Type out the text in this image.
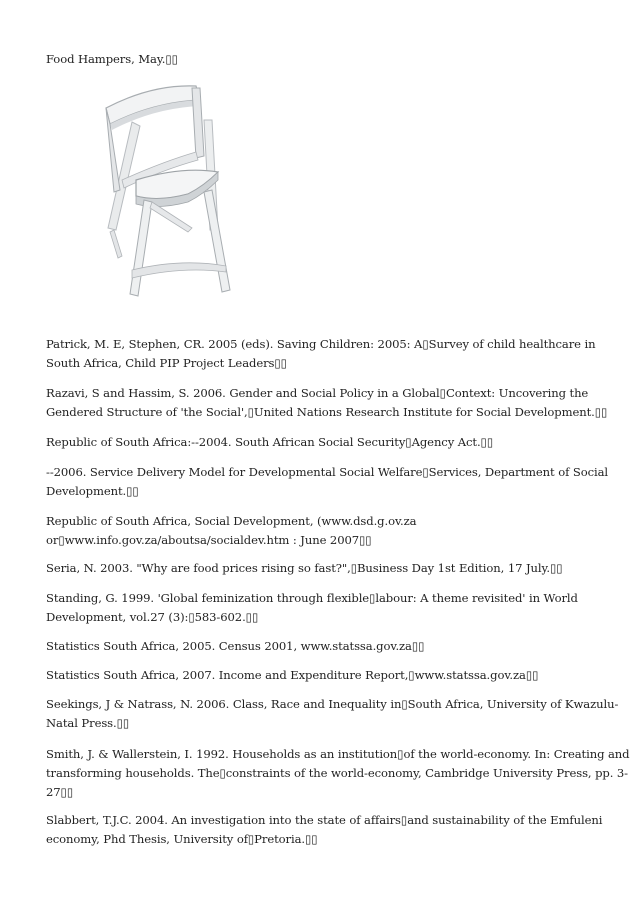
Food Hampers, May.▯▯
Patrick, M. E, Stephen, CR. 2005 (eds). Saving Children: 2005: A▯Survey of child healthcare in
South Africa, Child PIP Project Leaders▯▯
Razavi, S and Hassim, S. 2006. Gender and Social Policy in a Global▯Context: Uncovering the
Gendered Structure of 'the Social',▯United Nations Research Institute for Social Development.▯▯
Republic of South Africa:--2004. South African Social Security▯Agency Act.▯▯
--2006. Service Delivery Model for Developmental Social Welfare▯Services, Department of Social
Development.▯▯
Republic of South Africa, Social Development, (www.dsd.g.ov.za
or▯www.info.gov.za/aboutsa/socialdev.htm : June 2007▯▯
Seria, N. 2003. "Why are food prices rising so fast?",▯Business Day 1st Edition, 17 July.▯▯
Standing, G. 1999. 'Global feminization through flexible▯labour: A theme revisited' in World
Development, vol.27 (3):▯583-602.▯▯
Statistics South Africa, 2005. Census 2001, www.statssa.gov.za▯▯
Statistics South Africa, 2007. Income and Expenditure Report,▯www.statssa.gov.za▯▯
Seekings, J & Natrass, N. 2006. Class, Race and Inequality in▯South Africa, University of Kwazulu-
Natal Press.▯▯
Smith, J. & Wallerstein, I. 1992. Households as an institution▯of the world-economy. In: Creating and
transforming households. The▯constraints of the world-economy, Cambridge University Press, pp. 3-
27▯▯
Slabbert, T.J.C. 2004. An investigation into the state of affairs▯and sustainability of the Emfuleni
economy, Phd Thesis, University of▯Pretoria.▯▯
